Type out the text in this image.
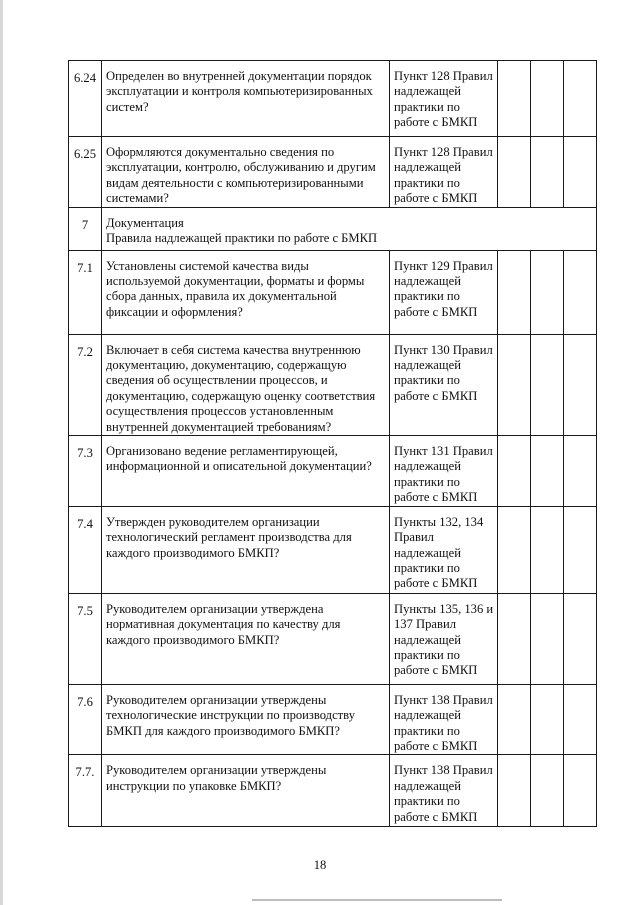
6.24	Определен во внутренней документации порядок эксплуатации и контроля компьютеризированных систем?	Пункт 128 Правил надлежащей практики по работе с БМКП			
6.25	Оформляются документально сведения по эксплуатации, контролю, обслуживанию и другим видам деятельности с компьютеризированными системами?	Пункт 128 Правил надлежащей практики по работе с БМКП			
7	Документация
Правила надлежащей практики по работе с БМКП				

7.1	Установлены системой качества виды используемой документации, форматы и формы сбора данных, правила их документальной фиксации и оформления?	Пункт 129 Правил надлежащей практики по работе с БМКП			
7.2	Включает в себя система качества внутреннюю документацию, документацию, содержащую сведения об осуществлении процессов, и документацию, содержащую оценку соответствия осуществления процессов установленным внутренней документацией требованиям?	Пункт 130 Правил надлежащей практики по работе с БМКП			
7.3	Организовано ведение регламентирующей, информационной и описательной документации?	Пункт 131 Правил надлежащей практики по работе с БМКП			
7.4	Утвержден руководителем организации технологический регламент производства для каждого производимого БМКП?	Пункты 132, 134 Правил надлежащей практики по работе с БМКП			
7.5	Руководителем организации утверждена нормативная документация по качеству для каждого производимого БМКП?	Пункты 135, 136 и 137 Правил надлежащей практики по работе с БМКП			
7.6	Руководителем организации утверждены технологические инструкции по производству БМКП для каждого производимого БМКП?	Пункт 138 Правил надлежащей практики по работе с БМКП			
7.7.	Руководителем организации утверждены инструкции по упаковке БМКП?	Пункт 138 Правил надлежащей практики по работе с БМКП			
18
